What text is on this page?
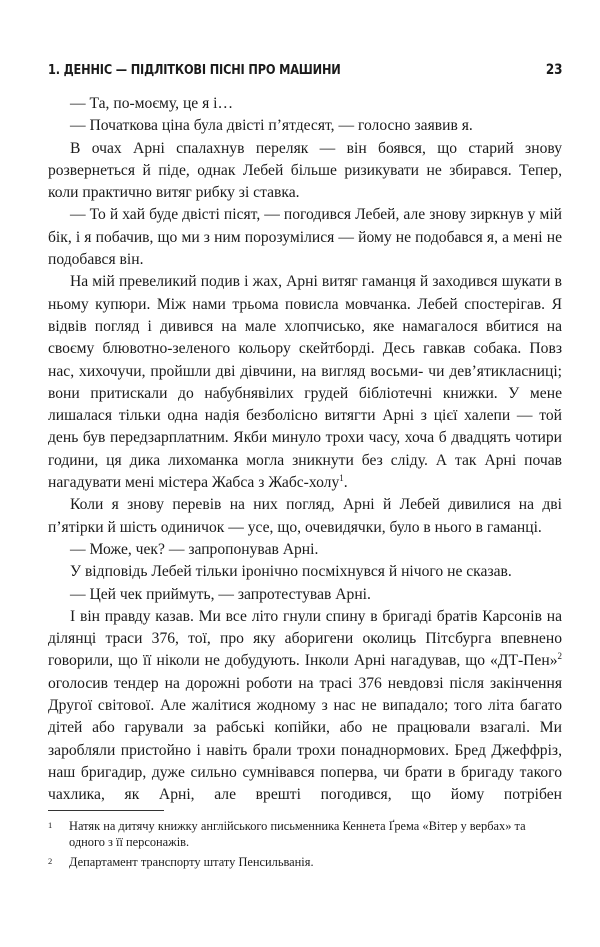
1. ДЕННІС — ПІДЛІТКОВІ ПІСНІ ПРО МАШИНИ	23

— Та, по-моєму, це я і…

— Початкова ціна була двісті п’ятдесят, — голосно заявив я.

В очах Арні спалахнув переляк — він боявся, що старий знову розвернеться й піде, однак Лебей більше ризикувати не збирався. Тепер, коли практично витяг рибку зі ставка.

— То й хай буде двісті пісят, — погодився Лебей, але знову зиркнув у мій бік, і я побачив, що ми з ним порозумілися — йому не подобався я, а мені не подобався він.

На мій превеликий подив і жах, Арні витяг гаманця й заходився шукати в ньому купюри. Між нами трьома повисла мовчанка. Лебей спостерігав. Я відвів погляд і дивився на мале хлопчисько, яке намагалося вбитися на своєму блювотно-зеленого кольору скейтборді. Десь гавкав собака. Повз нас, хихочучи, пройшли дві дівчини, на вигляд восьми- чи дев’ятикласниці; вони притискали до набубнявілих грудей бібліотечні книжки. У мене лишалася тільки одна надія безболісно витягти Арні з цієї халепи — той день був передзарплатним. Якби минуло трохи часу, хоча б двадцять чотири години, ця дика лихоманка могла зникнути без сліду. А так Арні почав нагадувати мені містера Жабса з Жабс-холу$^1$.

Коли я знову перевів на них погляд, Арні й Лебей дивилися на дві п’ятірки й шість одиничок — усе, що, очевидячки, було в нього в гаманці.

— Може, чек? — запропонував Арні.

У відповідь Лебей тільки іронічно посміхнувся й нічого не сказав.

— Цей чек приймуть, — запротестував Арні.

І він правду казав. Ми все літо гнули спину в бригаді братів Карсонів на ділянці траси 376, тої, про яку аборигени околиць Пітсбурга впевнено говорили, що її ніколи не добудують. Інколи Арні нагадував, що «ДТ-Пен»$^2$ оголосив тендер на дорожні роботи на трасі 376 невдовзі після закінчення Другої світової. Але жалітися жодному з нас не випадало; того літа багато дітей або гарували за рабські копійки, або не працювали взагалі. Ми заробляли пристойно і навіть брали трохи понаднормових. Бред Джеффріз, наш бригадир, дуже сильно сумнівався поперва, чи брати в бригаду такого чахлика, як Арні, але врешті погодився, що йому потрібен

1	Натяк на дитячу книжку англійського письменника Кеннета Ґрема «Вітер у вербах» та одного з її персонажів.
2	Департамент транспорту штату Пенсильванія.
